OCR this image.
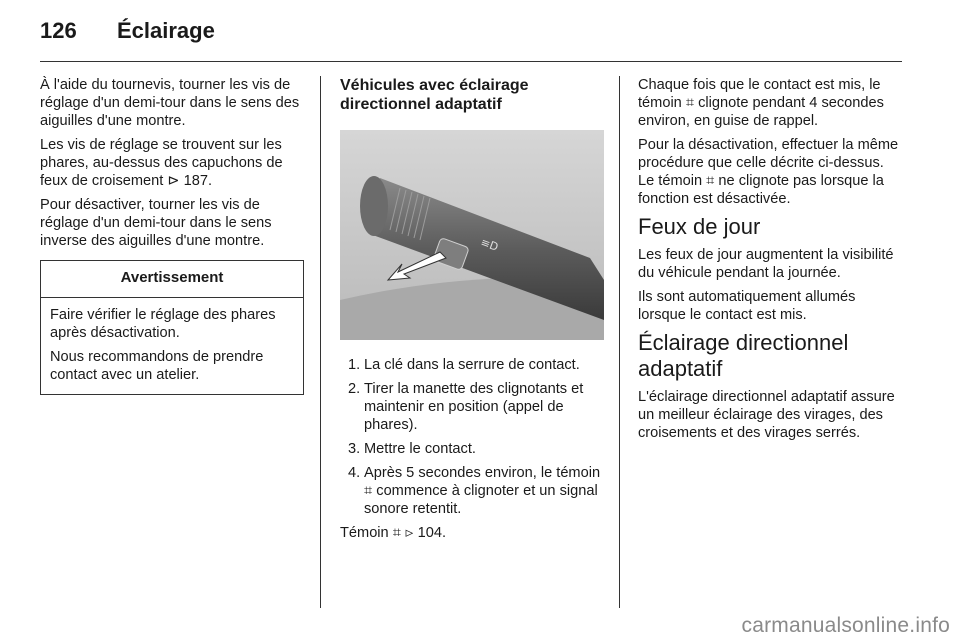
126 Éclairage

À l'aide du tournevis, tourner les vis de réglage d'un demi-tour dans le sens des aiguilles d'une montre.

Les vis de réglage se trouvent sur les phares, au-dessus des capuchons de feux de croisement ⊳ 187.

Pour désactiver, tourner les vis de réglage d'un demi-tour dans le sens inverse des aiguilles d'une montre.

Avertissement

Faire vérifier le réglage des phares après désactivation.

Nous recommandons de prendre contact avec un atelier.

Véhicules avec éclairage directionnel adaptatif

≡D
1. La clé dans la serrure de contact.
2. Tirer la manette des clignotants et maintenir en position (appel de phares).
3. Mettre le contact.
4. Après 5 secondes environ, le témoin ⌗ commence à clignoter et un signal sonore retentit.

Témoin ⌗ ⊳ 104.

Chaque fois que le contact est mis, le témoin ⌗ clignote pendant 4 secondes environ, en guise de rappel.

Pour la désactivation, effectuer la même procédure que celle décrite ci-dessus. Le témoin ⌗ ne clignote pas lorsque la fonction est désactivée.

Feux de jour

Les feux de jour augmentent la visibilité du véhicule pendant la journée.

Ils sont automatiquement allumés lorsque le contact est mis.

Éclairage directionnel adaptatif

L'éclairage directionnel adaptatif assure un meilleur éclairage des virages, des croisements et des virages serrés.

carmanualsonline.info
